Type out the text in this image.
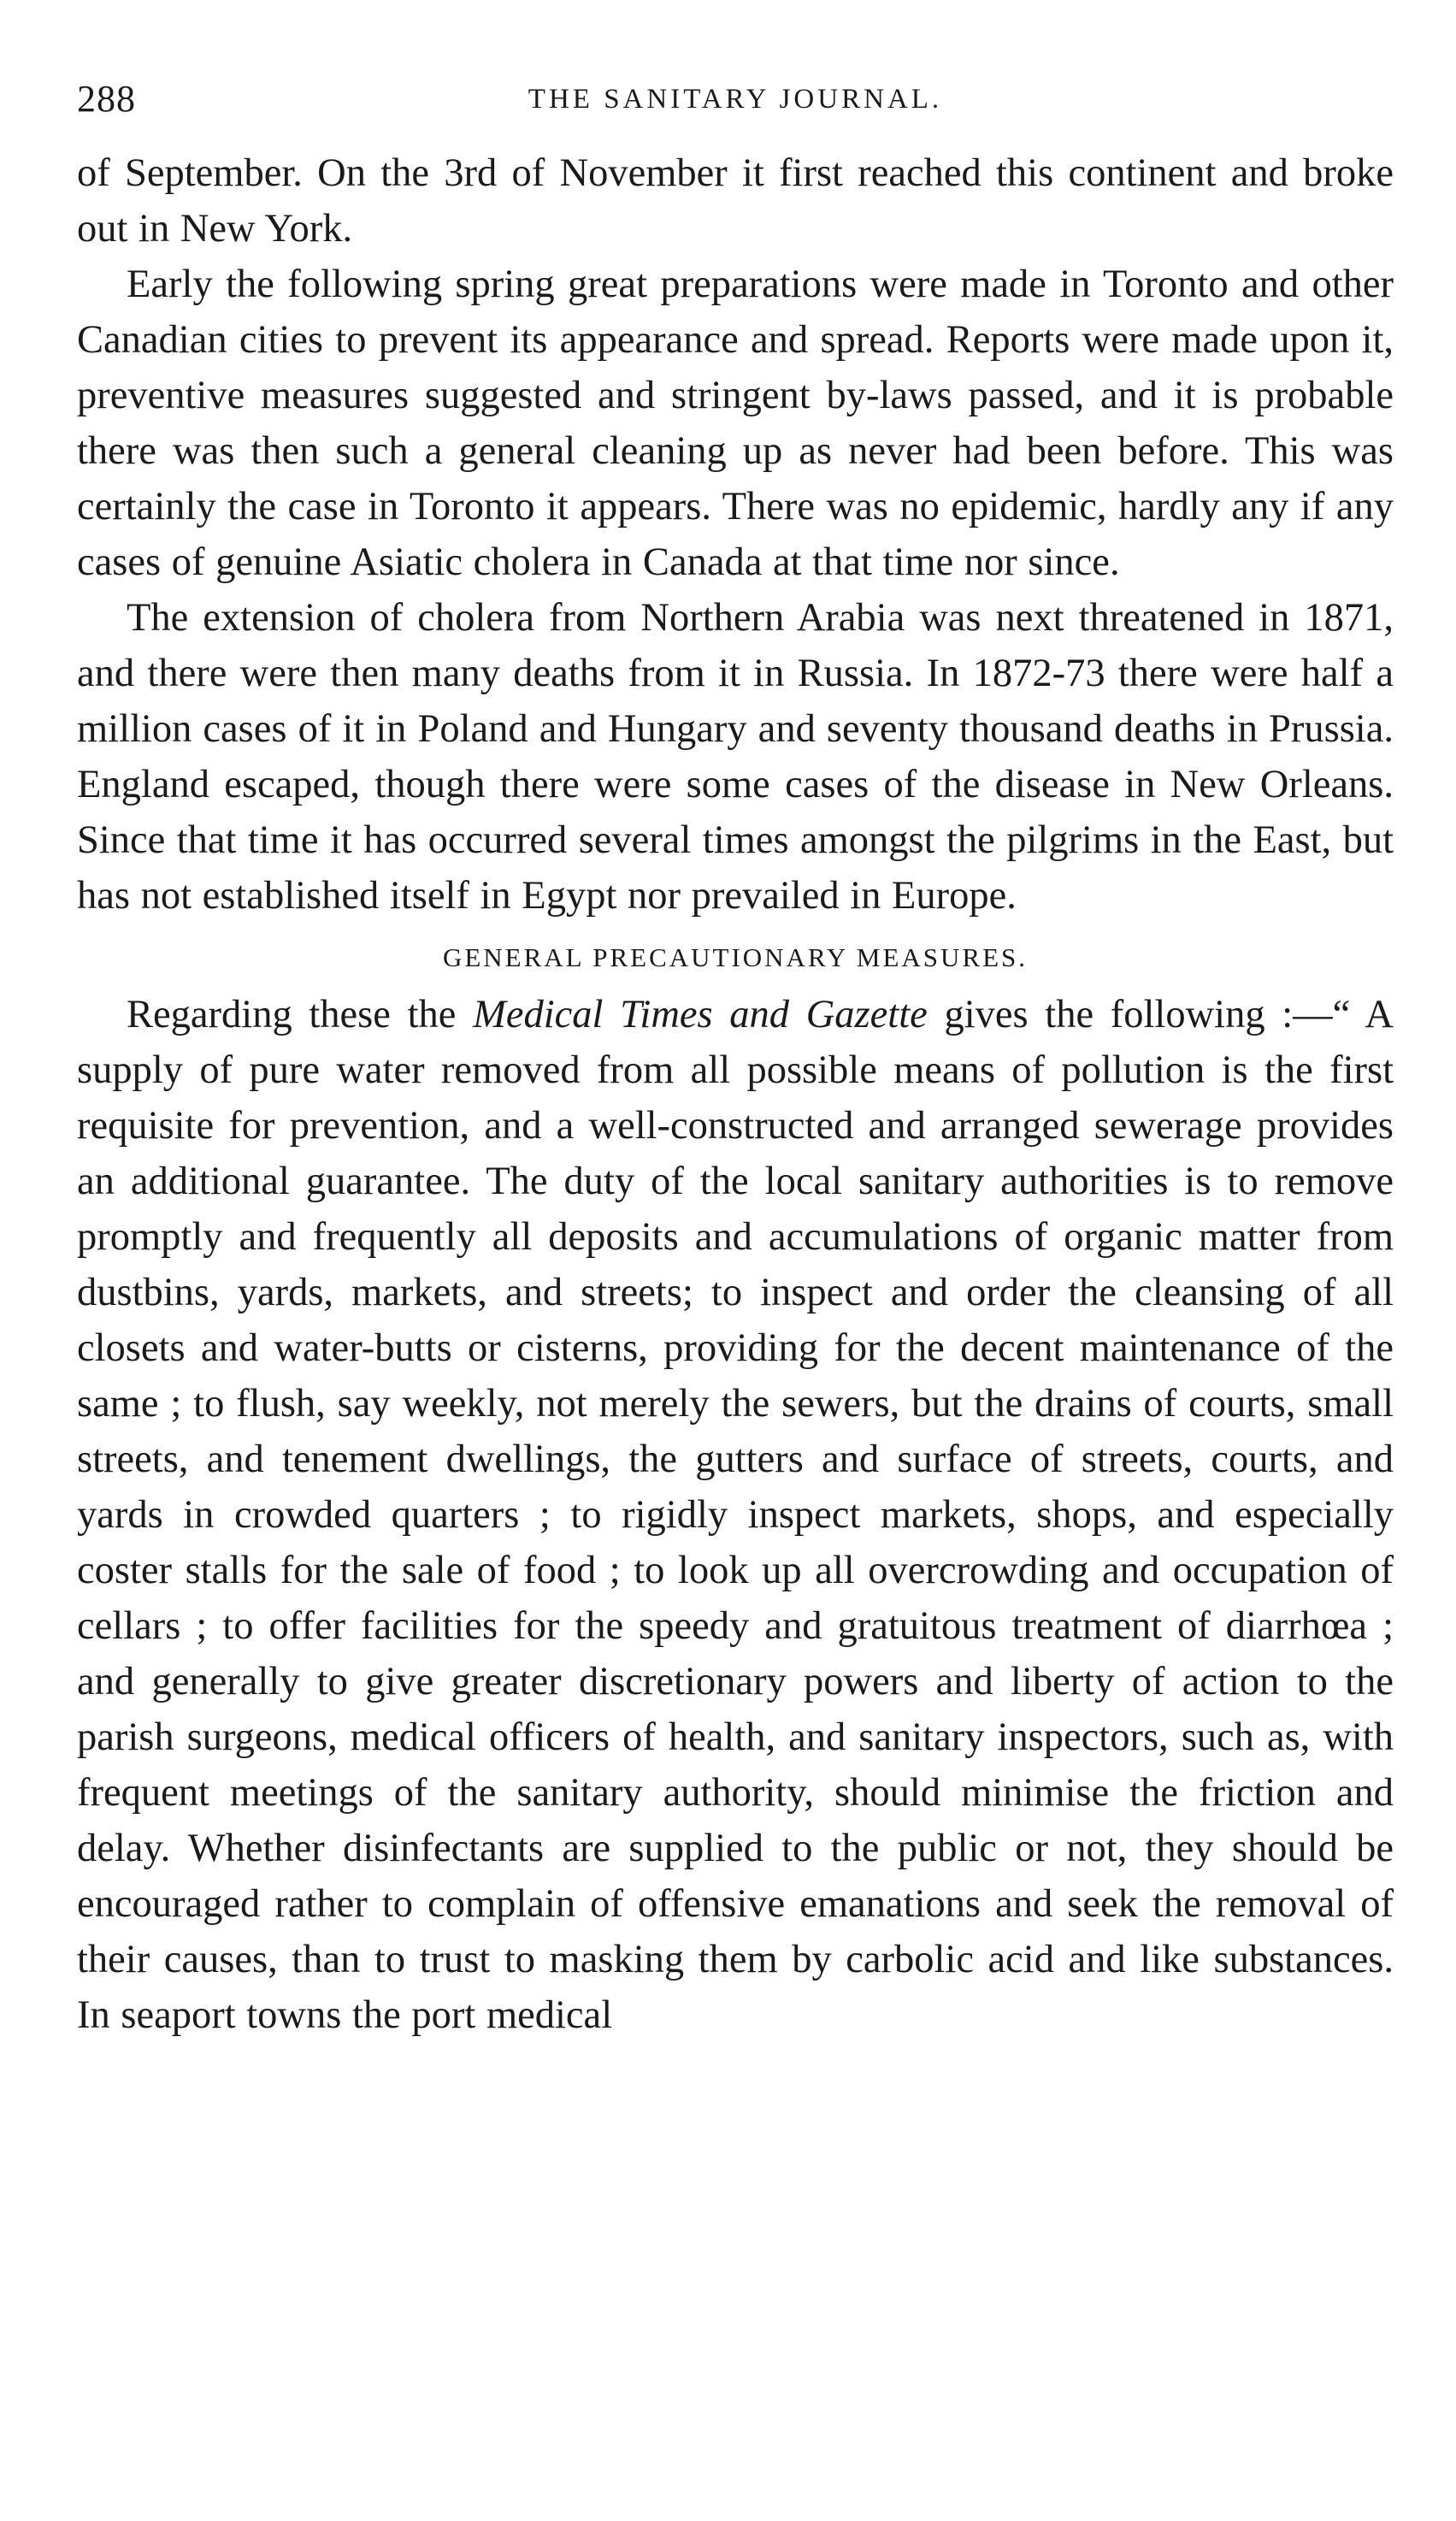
288	THE SANITARY JOURNAL.

of September. On the 3rd of November it first reached this continent and broke out in New York.

Early the following spring great preparations were made in Toronto and other Canadian cities to prevent its appearance and spread. Reports were made upon it, preventive measures suggested and stringent by-laws passed, and it is probable there was then such a general cleaning up as never had been before. This was certainly the case in Toronto it appears. There was no epidemic, hardly any if any cases of genuine Asiatic cholera in Canada at that time nor since.

The extension of cholera from Northern Arabia was next threatened in 1871, and there were then many deaths from it in Russia. In 1872-73 there were half a million cases of it in Poland and Hungary and seventy thousand deaths in Prussia. England escaped, though there were some cases of the disease in New Orleans. Since that time it has occurred several times amongst the pilgrims in the East, but has not established itself in Egypt nor prevailed in Europe.

GENERAL PRECAUTIONARY MEASURES.

Regarding these the Medical Times and Gazette gives the following :—“ A supply of pure water removed from all possible means of pollution is the first requisite for prevention, and a well-constructed and arranged sewerage provides an additional guarantee. The duty of the local sanitary authorities is to remove promptly and frequently all deposits and accumulations of organic matter from dustbins, yards, markets, and streets; to inspect and order the cleansing of all closets and water-butts or cisterns, providing for the decent maintenance of the same ; to flush, say weekly, not merely the sewers, but the drains of courts, small streets, and tenement dwellings, the gutters and surface of streets, courts, and yards in crowded quarters ; to rigidly inspect markets, shops, and especially coster stalls for the sale of food ; to look up all overcrowding and occupation of cellars ; to offer facilities for the speedy and gratuitous treatment of diarrhœa ; and generally to give greater discretionary powers and liberty of action to the parish surgeons, medical officers of health, and sanitary inspectors, such as, with frequent meetings of the sanitary authority, should minimise the friction and delay. Whether disinfectants are supplied to the public or not, they should be encouraged rather to complain of offensive emanations and seek the removal of their causes, than to trust to masking them by carbolic acid and like substances. In seaport towns the port medical
